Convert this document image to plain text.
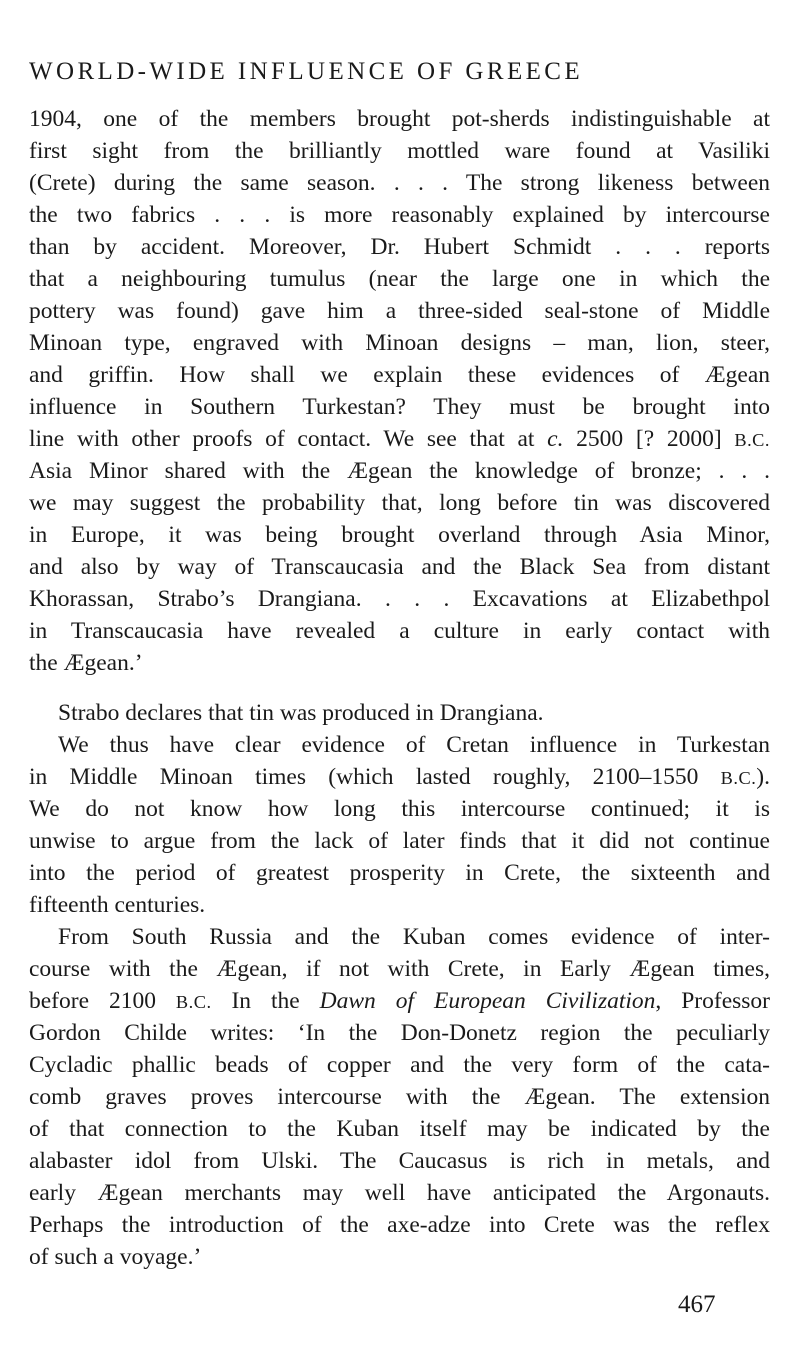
WORLD-WIDE INFLUENCE OF GREECE
1904, one of the members brought pot-sherds indistinguishable at
first sight from the brilliantly mottled ware found at Vasiliki
(Crete) during the same season. . . . The strong likeness between
the two fabrics . . . is more reasonably explained by intercourse
than by accident. Moreover, Dr. Hubert Schmidt . . . reports
that a neighbouring tumulus (near the large one in which the
pottery was found) gave him a three-sided seal-stone of Middle
Minoan type, engraved with Minoan designs – man, lion, steer,
and griffin. How shall we explain these evidences of Ægean
influence in Southern Turkestan? They must be brought into
line with other proofs of contact. We see that at c. 2500 [? 2000] B.C.
Asia Minor shared with the Ægean the knowledge of bronze; . . .
we may suggest the probability that, long before tin was discovered
in Europe, it was being brought overland through Asia Minor,
and also by way of Transcaucasia and the Black Sea from distant
Khorassan, Strabo’s Drangiana. . . . Excavations at Elizabethpol
in Transcaucasia have revealed a culture in early contact with
the Ægean.’
Strabo declares that tin was produced in Drangiana.
We thus have clear evidence of Cretan influence in Turkestan
in Middle Minoan times (which lasted roughly, 2100–1550 B.C.).
We do not know how long this intercourse continued; it is
unwise to argue from the lack of later finds that it did not continue
into the period of greatest prosperity in Crete, the sixteenth and
fifteenth centuries.
From South Russia and the Kuban comes evidence of inter-
course with the Ægean, if not with Crete, in Early Ægean times,
before 2100 B.C. In the Dawn of European Civilization, Professor
Gordon Childe writes: ‘In the Don-Donetz region the peculiarly
Cycladic phallic beads of copper and the very form of the cata-
comb graves proves intercourse with the Ægean. The extension
of that connection to the Kuban itself may be indicated by the
alabaster idol from Ulski. The Caucasus is rich in metals, and
early Ægean merchants may well have anticipated the Argonauts.
Perhaps the introduction of the axe-adze into Crete was the reflex
of such a voyage.’
467
